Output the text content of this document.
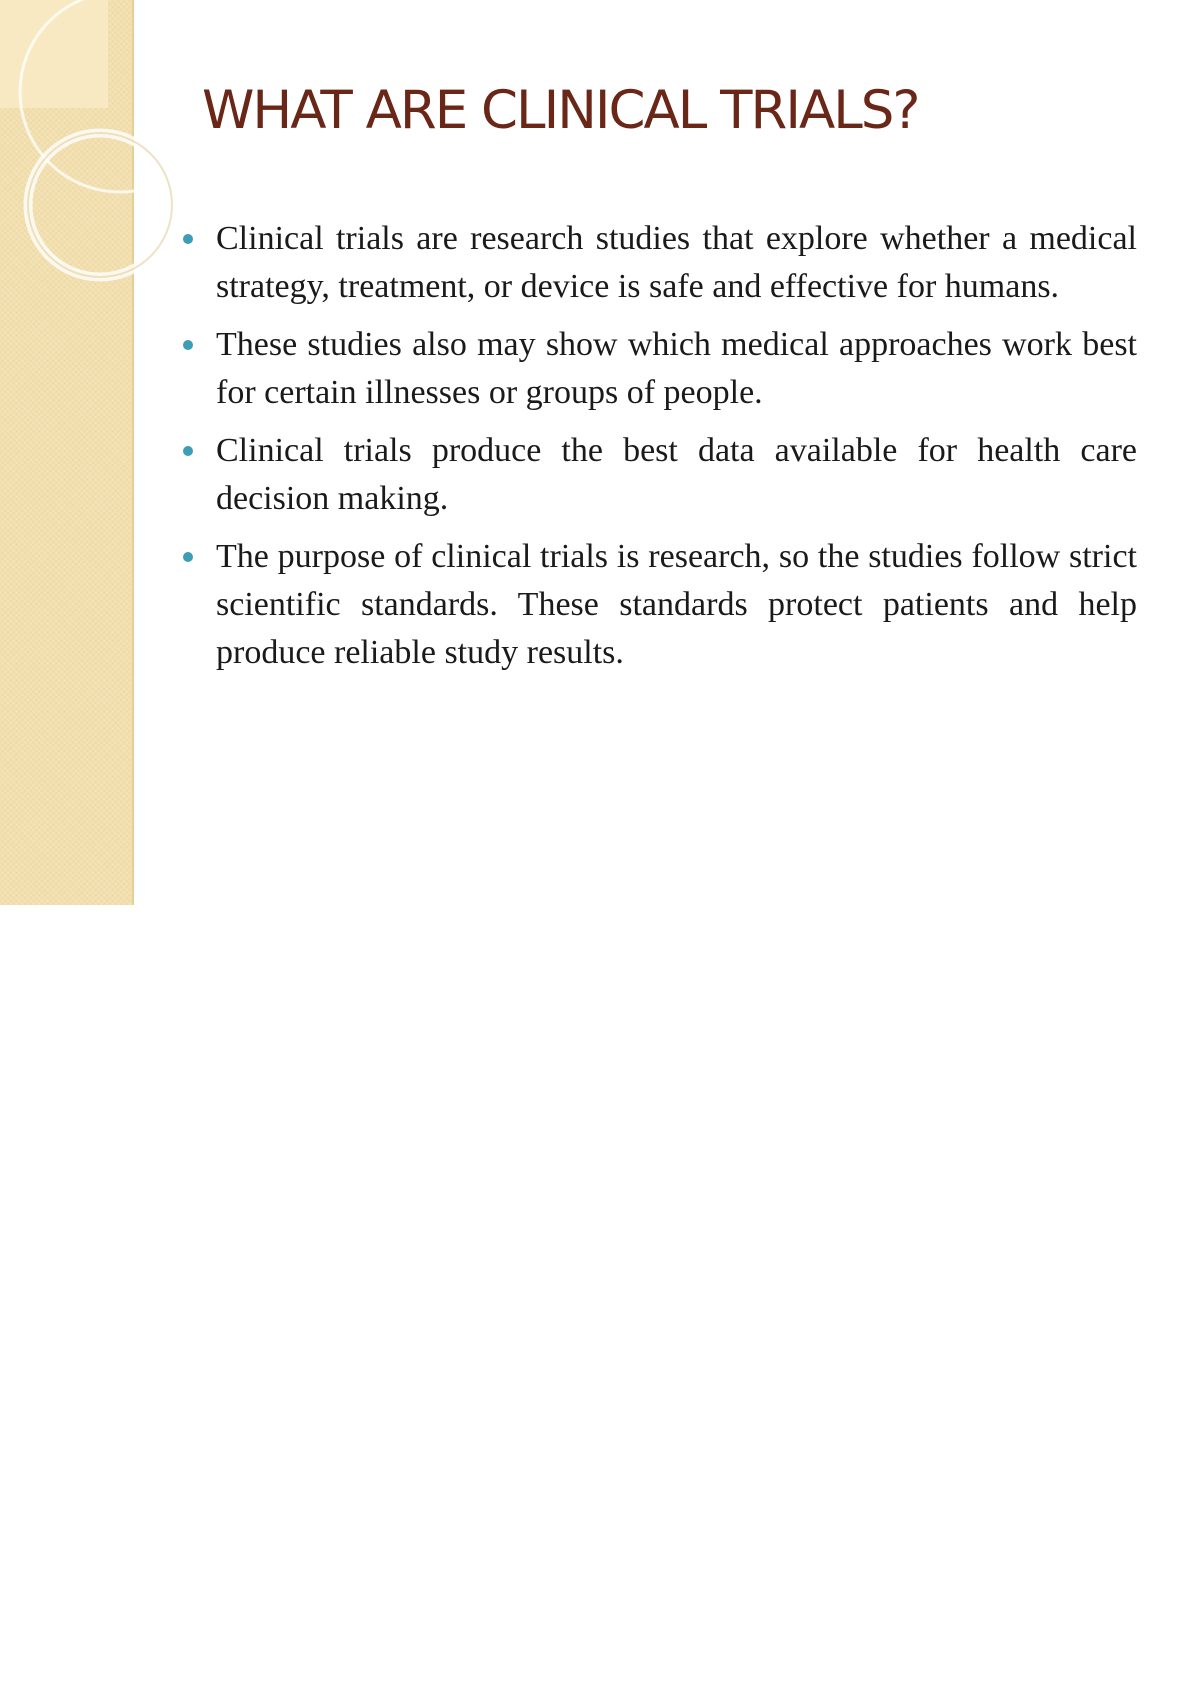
WHAT ARE CLINICAL TRIALS?
Clinical trials are research studies that explore whether a medical strategy, treatment, or device is safe and effective for humans.
These studies also may show which medical approaches work best for certain illnesses or groups of people.
Clinical trials produce the best data available for health care decision making.
The purpose of clinical trials is research, so the studies follow strict scientific standards. These standards protect patients and help produce reliable study results.
